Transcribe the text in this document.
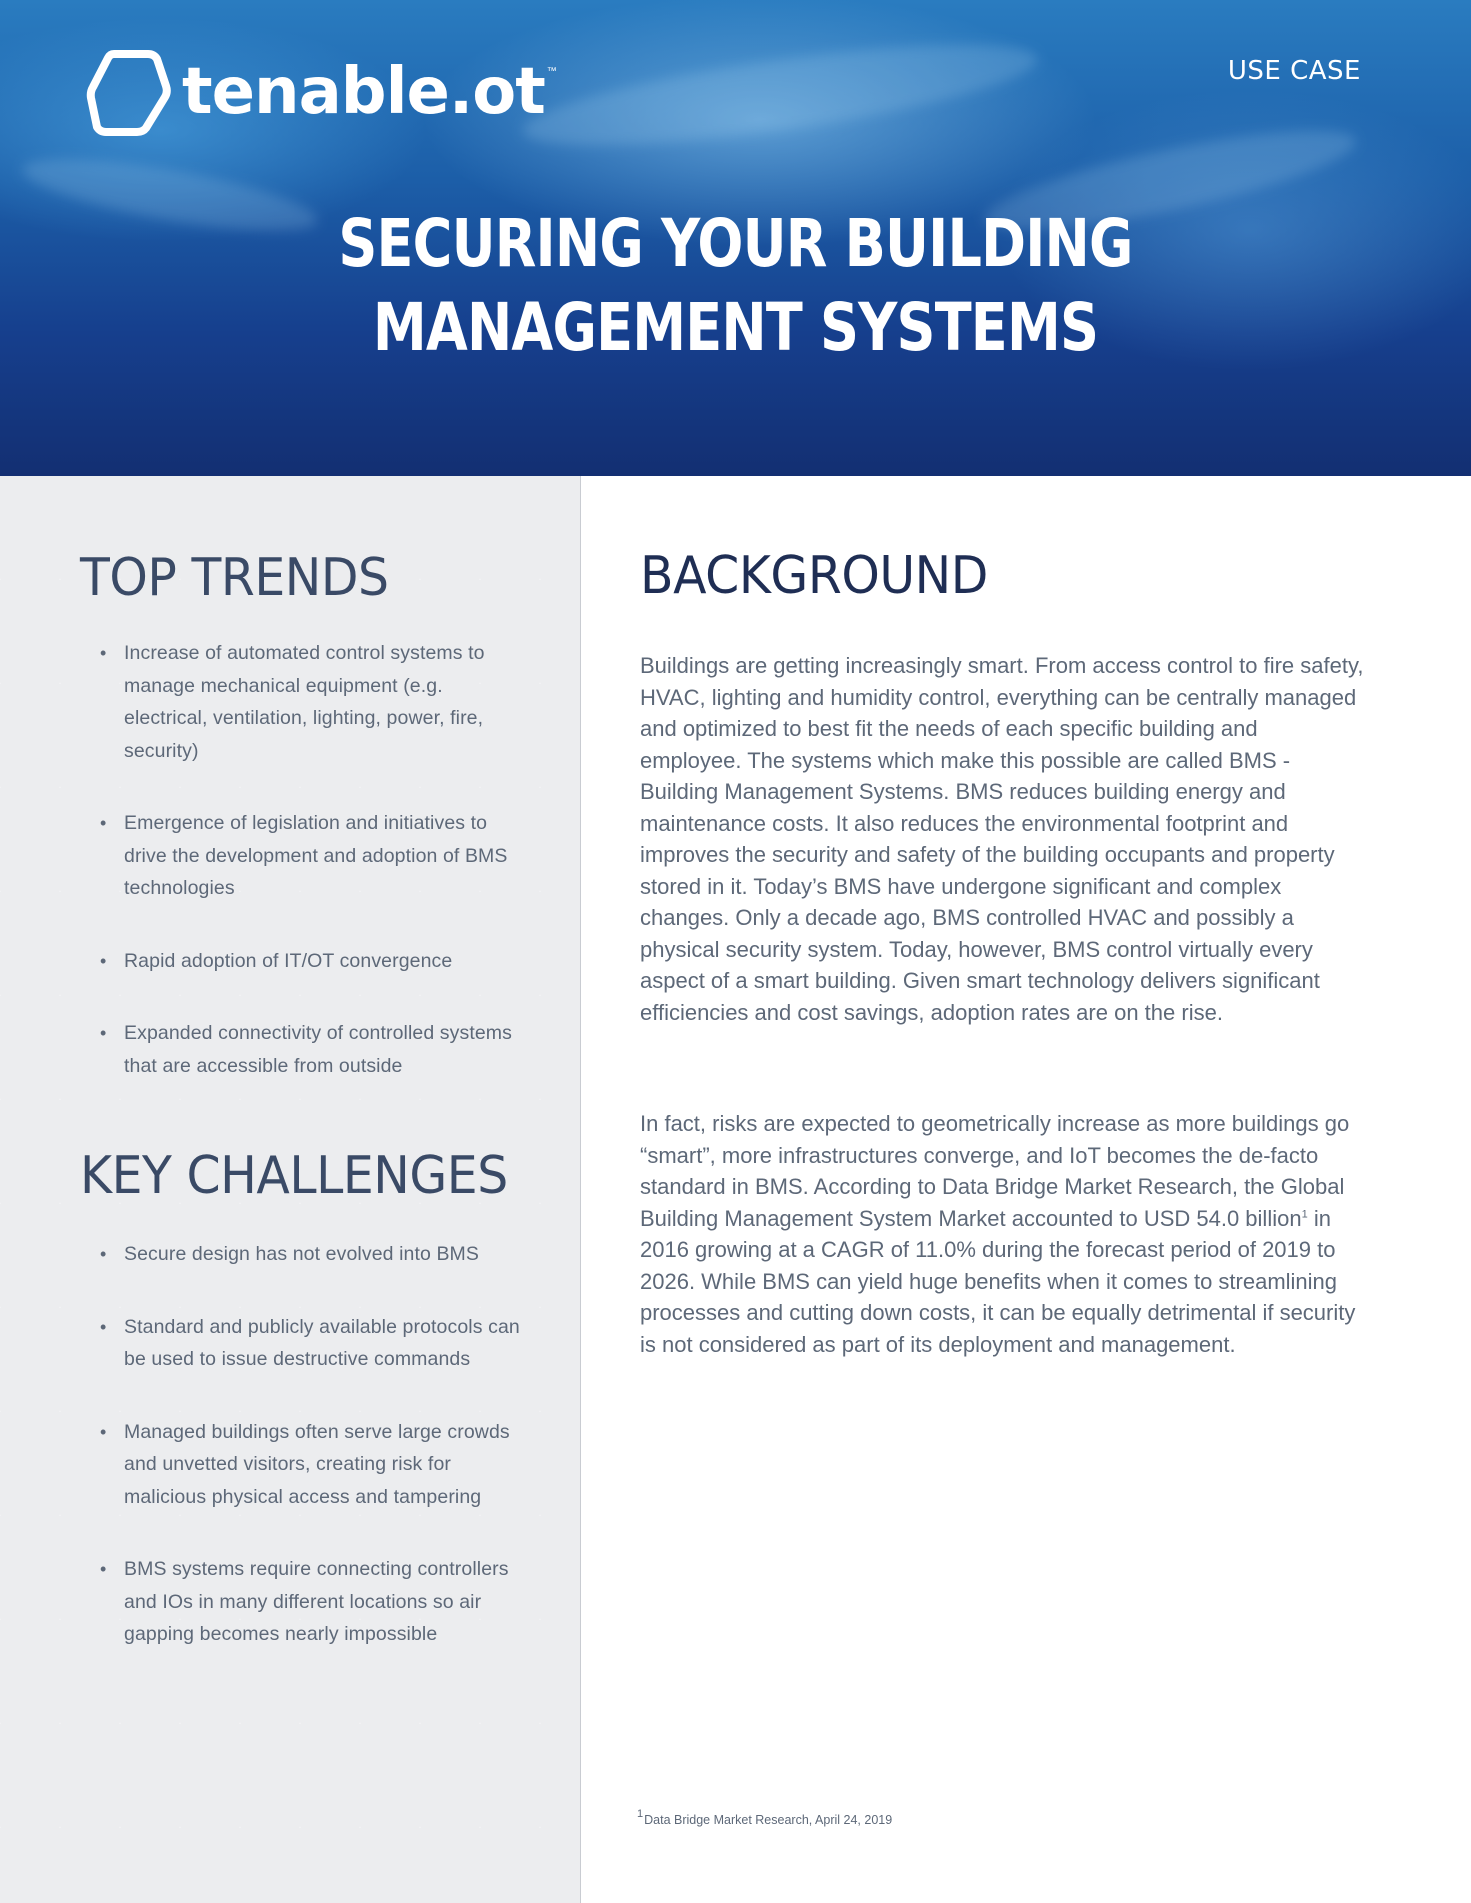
tenable.ot ™	USE CASE
SECURING YOUR BUILDING
MANAGEMENT SYSTEMS
TOP TRENDS
• Increase of automated control systems to manage mechanical equipment (e.g. electrical, ventilation, lighting, power, fire, security)
• Emergence of legislation and initiatives to drive the development and adoption of BMS technologies
• Rapid adoption of IT/OT convergence
• Expanded connectivity of controlled systems that are accessible from outside
KEY CHALLENGES
• Secure design has not evolved into BMS
• Standard and publicly available protocols can be used to issue destructive commands
• Managed buildings often serve large crowds and unvetted visitors, creating risk for malicious physical access and tampering
• BMS systems require connecting controllers and IOs in many different locations so air gapping becomes nearly impossible
BACKGROUND

Buildings are getting increasingly smart. From access control to fire safety, HVAC, lighting and humidity control, everything can be centrally managed and optimized to best fit the needs of each specific building and employee. The systems which make this possible are called BMS - Building Management Systems. BMS reduces building energy and maintenance costs. It also reduces the environmental footprint and improves the security and safety of the building occupants and property stored in it. Today’s BMS have undergone significant and complex changes. Only a decade ago, BMS controlled HVAC and possibly a physical security system. Today, however, BMS control virtually every aspect of a smart building. Given smart technology delivers significant efficiencies and cost savings, adoption rates are on the rise.

In fact, risks are expected to geometrically increase as more buildings go “smart”, more infrastructures converge, and IoT becomes the de-facto standard in BMS. According to Data Bridge Market Research, the Global Building Management System Market accounted to USD 54.0 billion$^1$ in 2016 growing at a CAGR of 11.0% during the forecast period of 2019 to 2026. While BMS can yield huge benefits when it comes to streamlining processes and cutting down costs, it can be equally detrimental if security is not considered as part of its deployment and management.

1Data Bridge Market Research, April 24, 2019
